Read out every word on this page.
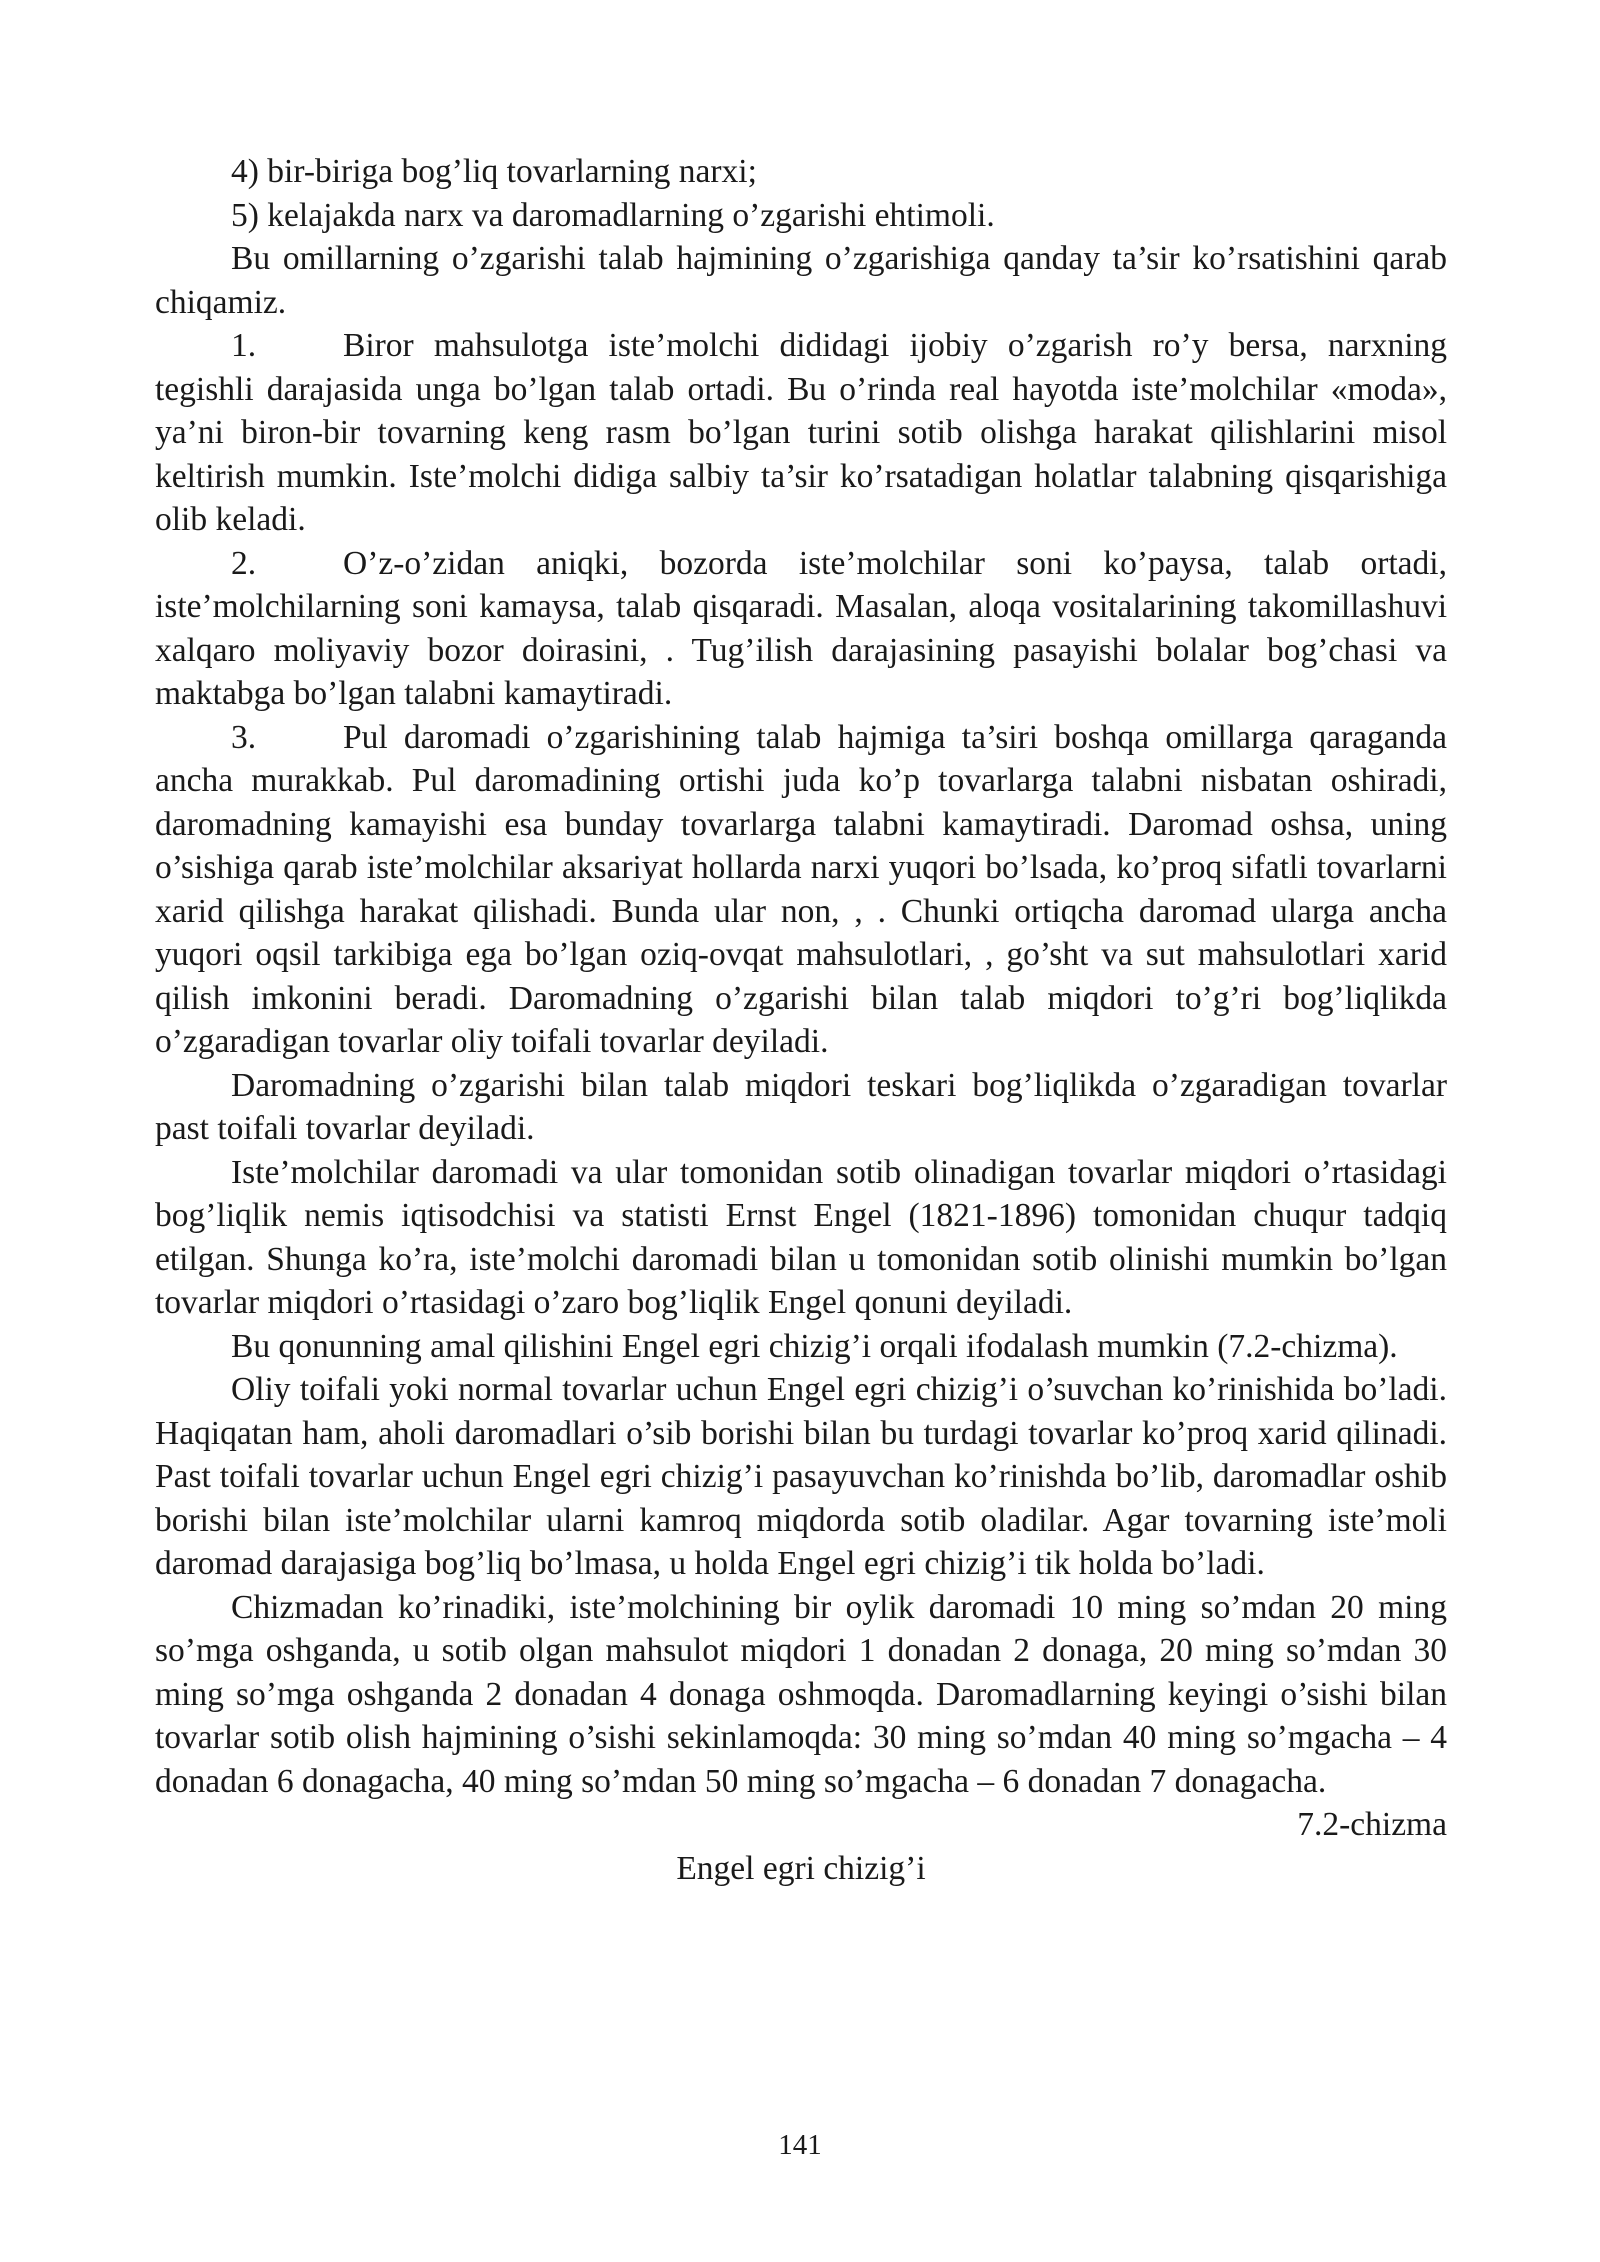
4) bir-biriga bog’liq tovarlarning narxi;

5) kelajakda narx va daromadlarning o’zgarishi ehtimoli.

Bu omillarning o’zgarishi talab hajmining o’zgarishiga qanday ta’sir ko’rsatishini qarab chiqamiz.

1.	Biror mahsulotga iste’molchi dididagi ijobiy o’zgarish ro’y bersa, narxning tegishli darajasida unga bo’lgan talab ortadi. Bu o’rinda real hayotda iste’molchilar «moda», ya’ni biron-bir tovarning keng rasm bo’lgan turini sotib olishga harakat qilishlarini misol keltirish mumkin. Iste’molchi didiga salbiy ta’sir ko’rsatadigan holatlar talabning qisqarishiga olib keladi.

2.	O’z-o’zidan aniqki, bozorda iste’molchilar soni ko’paysa, talab ortadi, iste’molchilarning soni kamaysa, talab qisqaradi. Masalan, aloqa vositalarining takomillashuvi xalqaro moliyaviy bozor doirasini, . Tug’ilish darajasining pasayishi bolalar bog’chasi va maktabga bo’lgan talabni kamaytiradi.

3.	Pul daromadi o’zgarishining talab hajmiga ta’siri boshqa omillarga qaraganda ancha murakkab. Pul daromadining ortishi juda ko’p tovarlarga talabni nisbatan oshiradi, daromadning kamayishi esa bunday tovarlarga talabni kamaytiradi. Daromad oshsa, uning o’sishiga qarab iste’molchilar aksariyat hollarda narxi yuqori bo’lsada, ko’proq sifatli tovarlarni xarid qilishga harakat qilishadi. Bunda ular non, , . Chunki ortiqcha daromad ularga ancha yuqori oqsil tarkibiga ega bo’lgan oziq-ovqat mahsulotlari, , go’sht va sut mahsulotlari xarid qilish imkonini beradi. Daromadning o’zgarishi bilan talab miqdori to’g’ri bog’liqlikda o’zgaradigan tovarlar oliy toifali tovarlar deyiladi.

Daromadning o’zgarishi bilan talab miqdori teskari bog’liqlikda o’zgaradigan tovarlar past toifali tovarlar deyiladi.

Iste’molchilar daromadi va ular tomonidan sotib olinadigan tovarlar miqdori o’rtasidagi bog’liqlik nemis iqtisodchisi va statisti Ernst Engel (1821-1896) tomonidan chuqur tadqiq etilgan. Shunga ko’ra, iste’molchi daromadi bilan u tomonidan sotib olinishi mumkin bo’lgan tovarlar miqdori o’rtasidagi o’zaro bog’liqlik Engel qonuni deyiladi.

Bu qonunning amal qilishini Engel egri chizig’i orqali ifodalash mumkin (7.2-chizma).

Oliy toifali yoki normal tovarlar uchun Engel egri chizig’i o’suvchan ko’rinishida bo’ladi. Haqiqatan ham, aholi daromadlari o’sib borishi bilan bu turdagi tovarlar ko’proq xarid qilinadi. Past toifali tovarlar uchun Engel egri chizig’i pasayuvchan ko’rinishda bo’lib, daromadlar oshib borishi bilan iste’molchilar ularni kamroq miqdorda sotib oladilar. Agar tovarning iste’moli daromad darajasiga bog’liq bo’lmasa, u holda Engel egri chizig’i tik holda bo’ladi.

Chizmadan ko’rinadiki, iste’molchining bir oylik daromadi 10 ming so’mdan 20 ming so’mga oshganda, u sotib olgan mahsulot miqdori 1 donadan 2 donaga, 20 ming so’mdan 30 ming so’mga oshganda 2 donadan 4 donaga oshmoqda. Daromadlarning keyingi o’sishi bilan tovarlar sotib olish hajmining o’sishi sekinlamoqda: 30 ming so’mdan 40 ming so’mgacha – 4 donadan 6 donagacha, 40 ming so’mdan 50 ming so’mgacha – 6 donadan 7 donagacha.

7.2-chizma

Engel egri chizig’i

141
